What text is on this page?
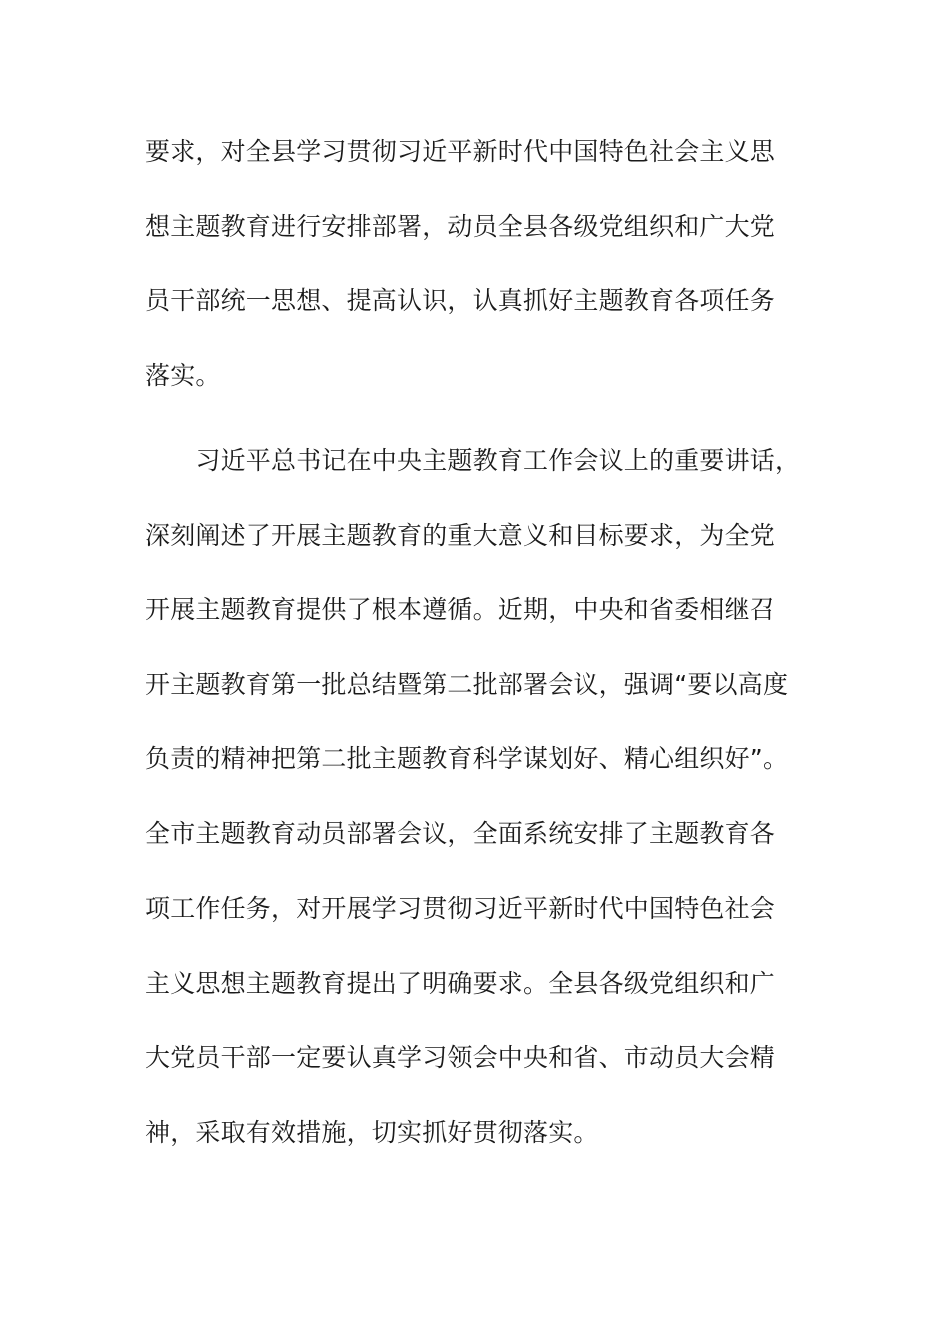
要求，对全县学习贯彻习近平新时代中国特色社会主义思
想主题教育进行安排部署，动员全县各级党组织和广大党
员干部统一思想、提高认识，认真抓好主题教育各项任务
落实。
　　习近平总书记在中央主题教育工作会议上的重要讲话，
深刻阐述了开展主题教育的重大意义和目标要求，为全党
开展主题教育提供了根本遵循。近期，中央和省委相继召
开主题教育第一批总结暨第二批部署会议，强调“要以高度
负责的精神把第二批主题教育科学谋划好、精心组织好”。
全市主题教育动员部署会议，全面系统安排了主题教育各
项工作任务，对开展学习贯彻习近平新时代中国特色社会
主义思想主题教育提出了明确要求。全县各级党组织和广
大党员干部一定要认真学习领会中央和省、市动员大会精
神，采取有效措施，切实抓好贯彻落实。
